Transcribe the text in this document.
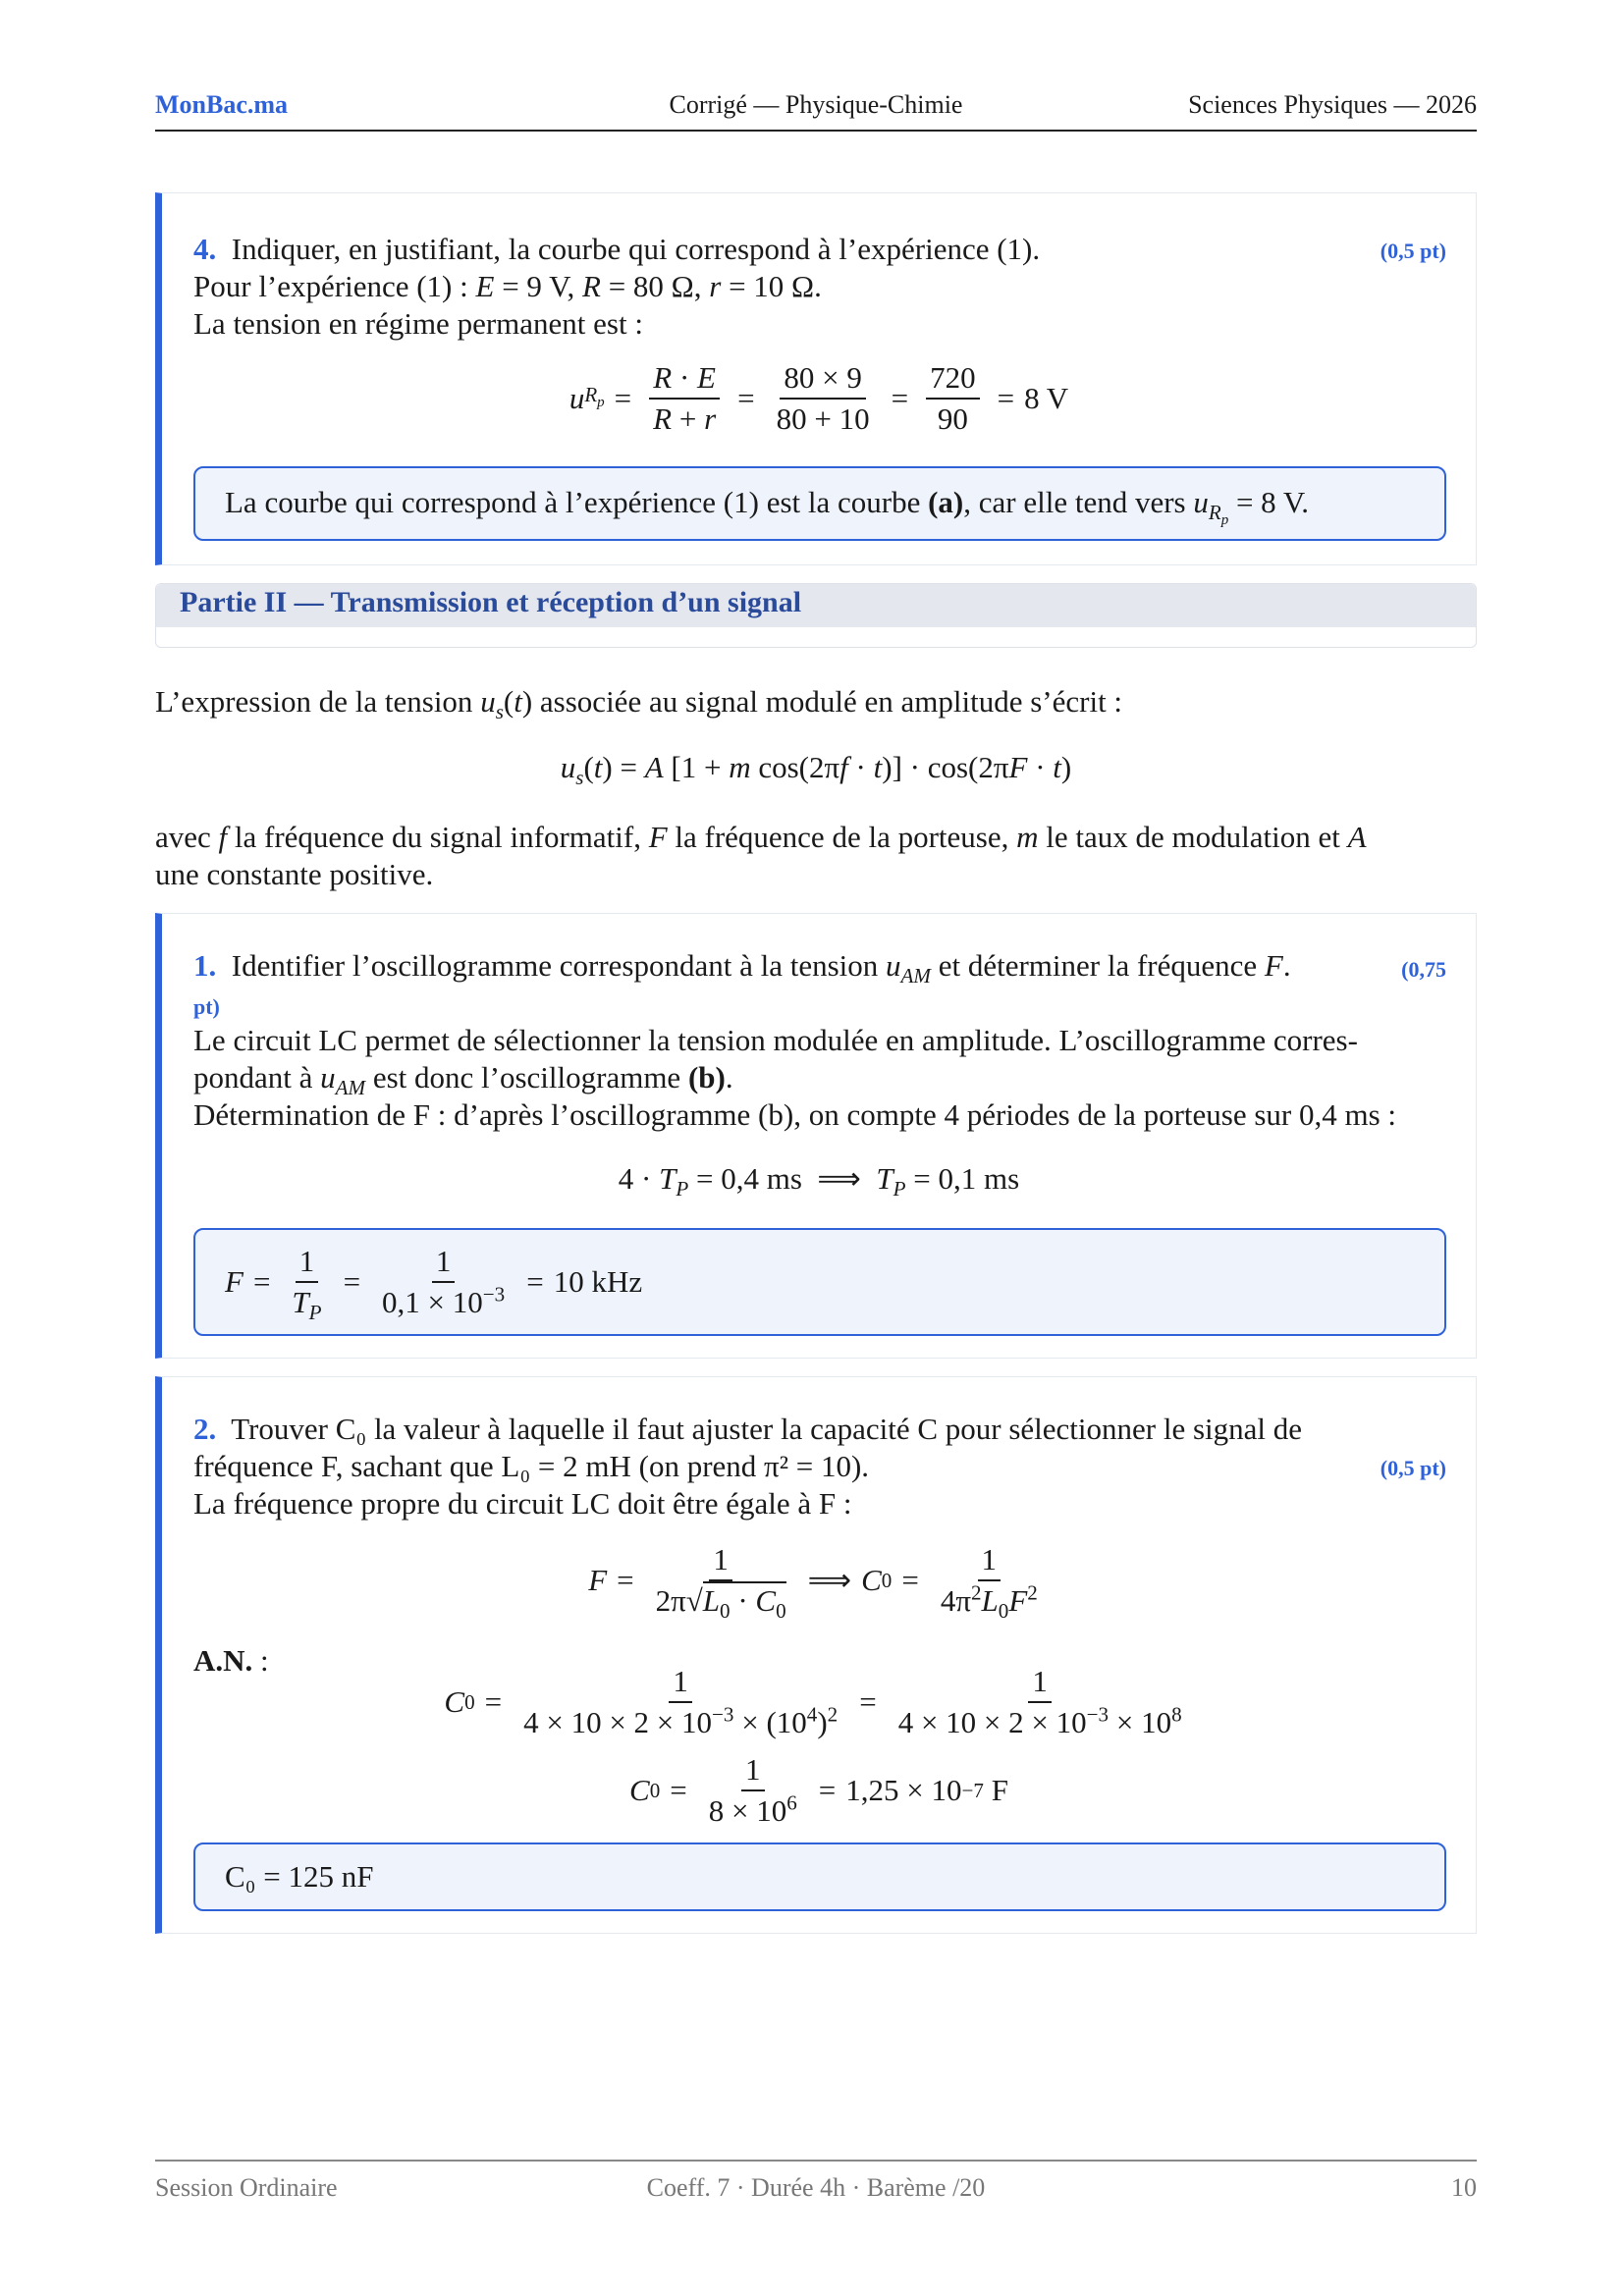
MonBac.ma	Corrigé — Physique-Chimie	Sciences Physiques — 2026
4. Indiquer, en justifiant, la courbe qui correspond à l’expérience (1).	(0,5 pt)
Pour l’expérience (1) : E = 9 V, R = 80 Ω, r = 10 Ω.
La tension en régime permanent est :
u $R_p = \frac{R \cdot E}{R + r} = \frac{80 \times 9}{80 + 10} = \frac{720}{90} = 8$ V
La courbe qui correspond à l’expérience (1) est la courbe (a), car elle tend vers $u_{R_p} = 8$ V.
Partie II — Transmission et réception d’un signal
L’expression de la tension $u_s(t)$ associée au signal modulé en amplitude s’écrit :
$u_s(t) = A$ [1 + m cos(2πf · t)] · cos(2πF · t)
avec f la fréquence du signal informatif, F la fréquence de la porteuse, m le taux de modulation et A
une constante positive.
1. Identifier l’oscillogramme correspondant à la tension $u_{AM}$ et déterminer la fréquence F.	(0,75
pt)
Le circuit LC permet de sélectionner la tension modulée en amplitude. L’oscillogramme corres-
pondant à $u_{AM}$ est donc l’oscillogramme (b).
Détermination de F : d’après l’oscillogramme (b), on compte 4 périodes de la porteuse sur 0,4 ms :
$4 \cdot T_P = 0,4$ ms  ⟹  $T_P = 0,1$ ms
$F = \frac{1}{T_P} = \frac{1}{0,1 \times 10^{-3}} = 10$ kHz
2. Trouver C₀ la valeur à laquelle il faut ajuster la capacité C pour sélectionner le signal de
fréquence F, sachant que L₀ = 2 mH (on prend π² = 10).	(0,5 pt)
La fréquence propre du circuit LC doit être égale à F :
$F = \frac{1}{2\pi√L_0 \cdot C_0}$ ⟹ C $0 = \frac{1}{4\pi^2L_0F^2}$
A.N. :
C $0 = \frac{1}{4 \times 10 \times 2 \times 10^{-3} \times (10^4)^2} = \frac{1}{4 \times 10 \times 2 \times 10^{-3} \times 10^8}$
C $0 = \frac{1}{8 \times 10^6} = 1,25 \times 10 -7$ F
C₀ = 125 nF
Session Ordinaire	Coeff. 7 · Durée 4h · Barème /20	10
